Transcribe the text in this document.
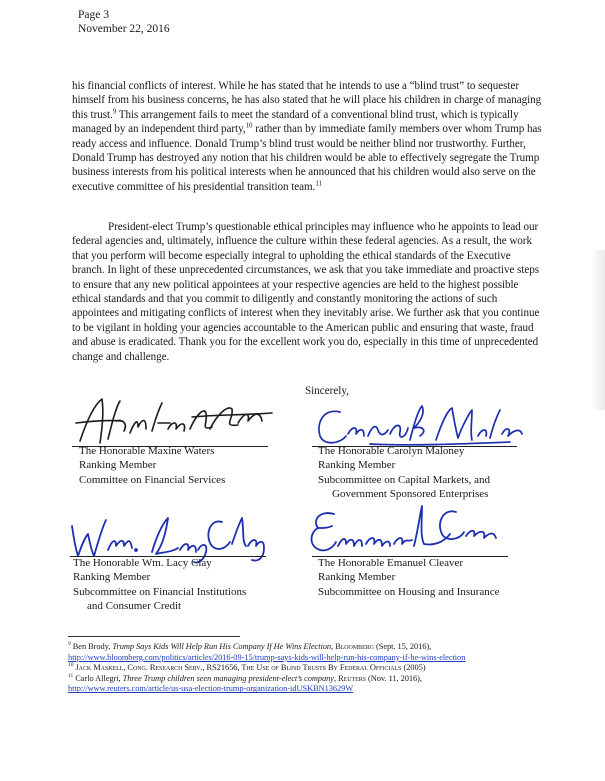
Page 3
November 22, 2016
his financial conflicts of interest. While he has stated that he intends to use a “blind trust” to sequester himself from his business concerns, he has also stated that he will place his children in charge of managing this trust.$^9$ This arrangement fails to meet the standard of a conventional blind trust, which is typically managed by an independent third party,$^{10}$ rather than by immediate family members over whom Trump has ready access and influence. Donald Trump’s blind trust would be neither blind nor trustworthy. Further, Donald Trump has destroyed any notion that his children would be able to effectively segregate the Trump business interests from his political interests when he announced that his children would also serve on the executive committee of his presidential transition team.$^{11}$
President-elect Trump’s questionable ethical principles may influence who he appoints to lead our federal agencies and, ultimately, influence the culture within these federal agencies. As a result, the work that you perform will become especially integral to upholding the ethical standards of the Executive branch. In light of these unprecedented circumstances, we ask that you take immediate and proactive steps to ensure that any new political appointees at your respective agencies are held to the highest possible ethical standards and that you commit to diligently and constantly monitoring the actions of such appointees and mitigating conflicts of interest when they inevitably arise. We further ask that you continue to be vigilant in holding your agencies accountable to the American public and ensuring that waste, fraud and abuse is eradicated. Thank you for the excellent work you do, especially in this time of unprecedented change and challenge.
Sincerely,
The Honorable Maxine Waters
Ranking Member
Committee on Financial Services
The Honorable Carolyn Maloney
Ranking Member
Subcommittee on Capital Markets, and
Government Sponsored Enterprises
The Honorable Wm. Lacy Clay
Ranking Member
Subcommittee on Financial Institutions
and Consumer Credit
The Honorable Emanuel Cleaver
Ranking Member
Subcommittee on Housing and Insurance

$^9$ Ben Brody, Trump Says Kids Will Help Run His Company If He Wins Election, Bloomberg (Sept. 15, 2016),
http://www.bloomberg.com/politics/articles/2016-09-15/trump-says-kids-will-help-run-his-company-if-he-wins-election

$^{10}$ Jack Maskell, Cong. Research Serv., RS21656, The Use of Blind Trusts By Federal Officials (2005)

$^{11}$ Carlo Allegri, Three Trump children seen managing president-elect’s company, Reuters (Nov. 11, 2016),
http://www.reuters.com/article/us-usa-election-trump-organization-idUSKBN13629W
